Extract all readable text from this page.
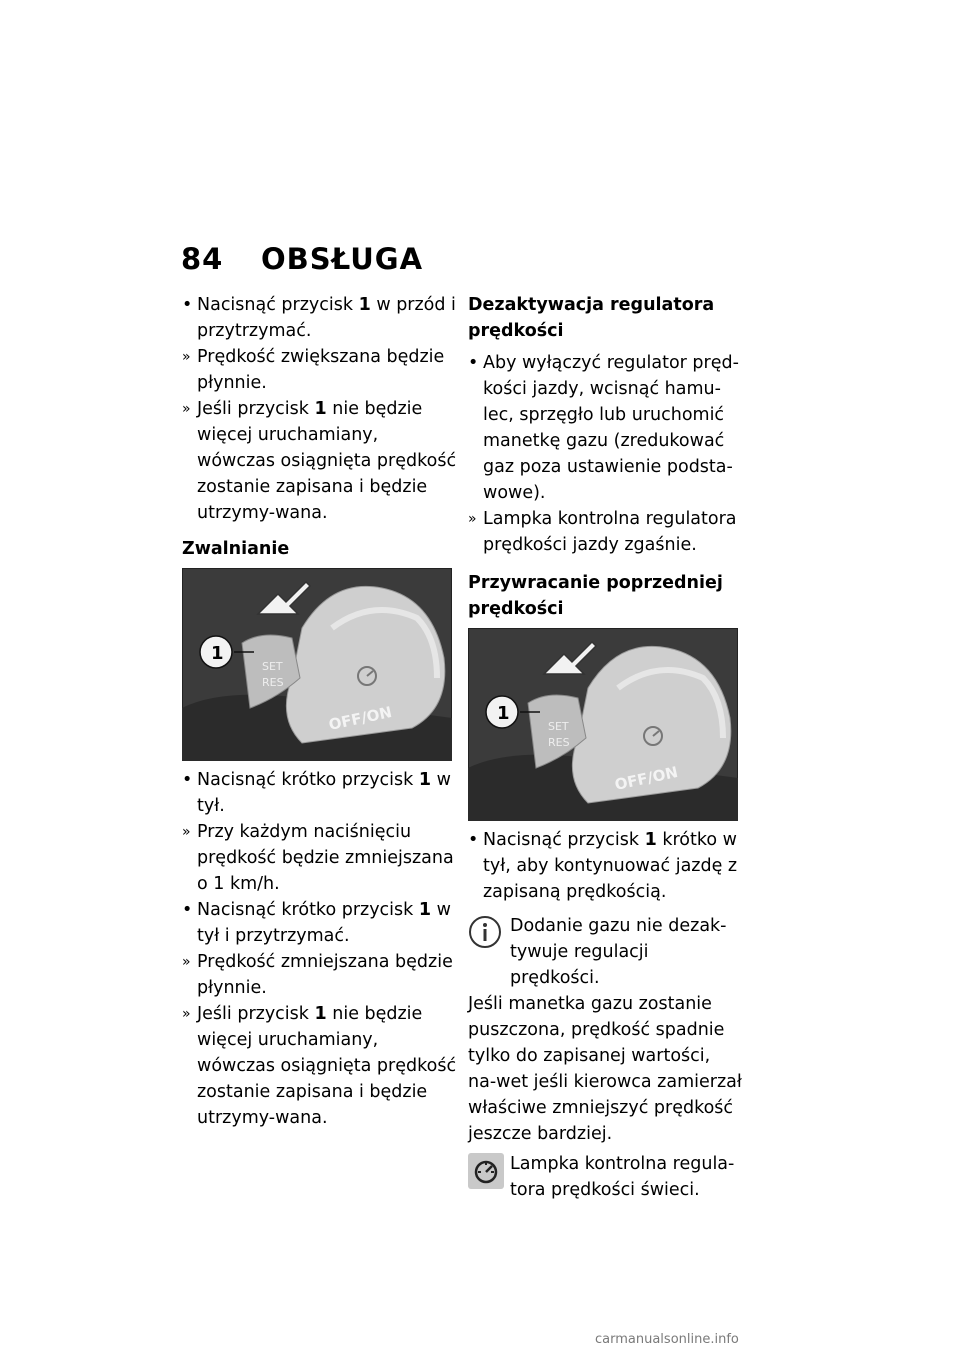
84 OBSŁUGA
• Nacisnąć przycisk 1 w przód i przytrzymać.
» Prędkość zwiększana będzie płynnie.
» Jeśli przycisk 1 nie będzie więcej uruchamiany, wówczas osiągnięta prędkość zostanie zapisana i będzie utrzymy-wana.
Zwalnianie
SET
RES
OFF/ON
1
• Nacisnąć krótko przycisk 1 w tył.
» Przy każdym naciśnięciu prędkość będzie zmniejszana o 1 km/h.
• Nacisnąć krótko przycisk 1 w tył i przytrzymać.
» Prędkość zmniejszana będzie płynnie.
» Jeśli przycisk 1 nie będzie więcej uruchamiany, wówczas osiągnięta prędkość zostanie zapisana i będzie utrzymy-wana.
Dezaktywacja regulatora prędkości
• Aby wyłączyć regulator pręd-kości jazdy, wcisnąć hamu-lec, sprzęgło lub uruchomić manetkę gazu (zredukować gaz poza ustawienie podsta-wowe).
» Lampka kontrolna regulatora prędkości jazdy zgaśnie.
Przywracanie poprzedniej prędkości
SET
RES
OFF/ON
1
• Nacisnąć przycisk 1 krótko w tył, aby kontynuować jazdę z zapisaną prędkością.
Dodanie gazu nie dezak-tywuje regulacji prędkości.
Jeśli manetka gazu zostanie puszczona, prędkość spadnie tylko do zapisanej wartości, na-wet jeśli kierowca zamierzał właściwe zmniejszyć prędkość jeszcze bardziej.
Lampka kontrolna regula-tora prędkości świeci.
carmanualsonline.info
